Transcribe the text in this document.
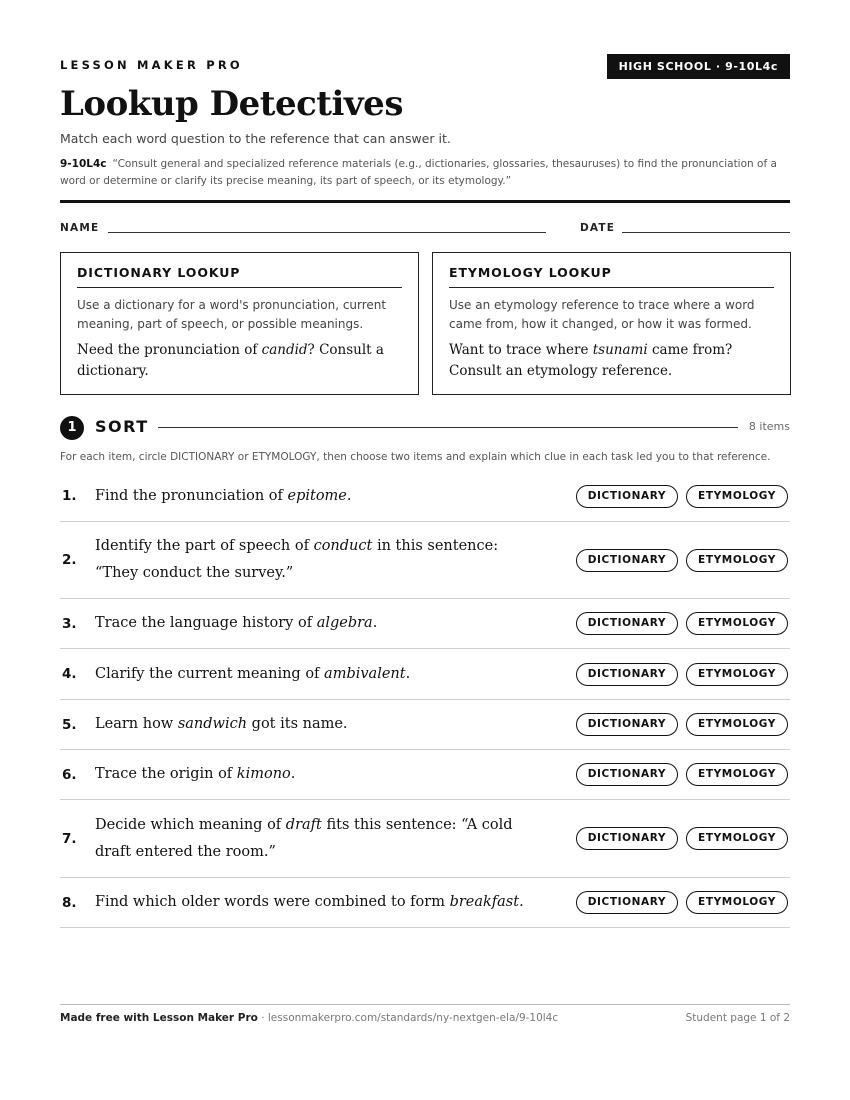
LESSON MAKER PRO	HIGH SCHOOL · 9-10L4c
Lookup Detectives
Match each word question to the reference that can answer it.
9-10L4c “Consult general and specialized reference materials (e.g., dictionaries, glossaries, thesauruses) to find the pronunciation of a word or determine or clarify its precise meaning, its part of speech, or its etymology.”
NAME	DATE
DICTIONARY LOOKUP
Use a dictionary for a word's pronunciation, current meaning, part of speech, or possible meanings.
Need the pronunciation of candid? Consult a dictionary.
ETYMOLOGY LOOKUP
Use an etymology reference to trace where a word came from, how it changed, or how it was formed.
Want to trace where tsunami came from? Consult an etymology reference.
1	SORT	8 items
For each item, circle DICTIONARY or ETYMOLOGY, then choose two items and explain which clue in each task led you to that reference.
1. Find the pronunciation of epitome.	DICTIONARY	ETYMOLOGY
2.
Identify the part of speech of conduct in this sentence: “They conduct the survey.”
DICTIONARY	ETYMOLOGY
3. Trace the language history of algebra.	DICTIONARY	ETYMOLOGY
4. Clarify the current meaning of ambivalent.	DICTIONARY	ETYMOLOGY
5. Learn how sandwich got its name.	DICTIONARY	ETYMOLOGY
6. Trace the origin of kimono.	DICTIONARY	ETYMOLOGY
7.
Decide which meaning of draft fits this sentence: “A cold draft entered the room.”
DICTIONARY	ETYMOLOGY
8. Find which older words were combined to form breakfast.	DICTIONARY	ETYMOLOGY
Made free with Lesson Maker Pro · lessonmakerpro.com/standards/ny-nextgen-ela/9-10l4c	Student page 1 of 2
